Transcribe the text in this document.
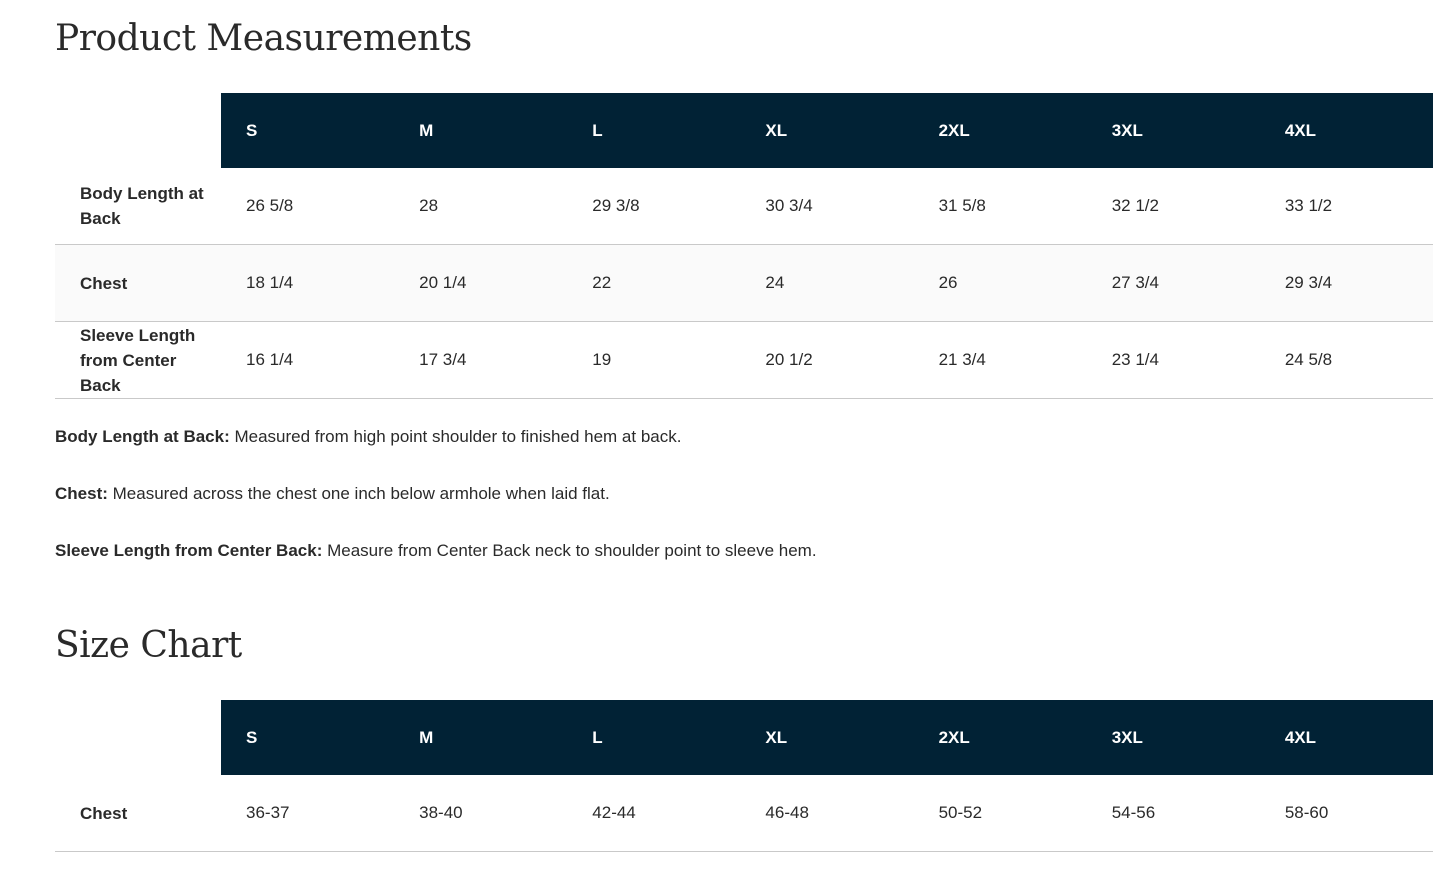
Product Measurements
	S	M	L	XL	2XL	3XL	4XL
Body Length at Back	26 5/8	28	29 3/8	30 3/4	31 5/8	32 1/2	33 1/2
Chest	18 1/4	20 1/4	22	24	26	27 3/4	29 3/4
Sleeve Length from Center Back	16 1/4	17 3/4	19	20 1/2	21 3/4	23 1/4	24 5/8

Body Length at Back: Measured from high point shoulder to finished hem at back.

Chest: Measured across the chest one inch below armhole when laid flat.

Sleeve Length from Center Back: Measure from Center Back neck to shoulder point to sleeve hem.

Size Chart
	S	M	L	XL	2XL	3XL	4XL
Chest	36-37	38-40	42-44	46-48	50-52	54-56	58-60
